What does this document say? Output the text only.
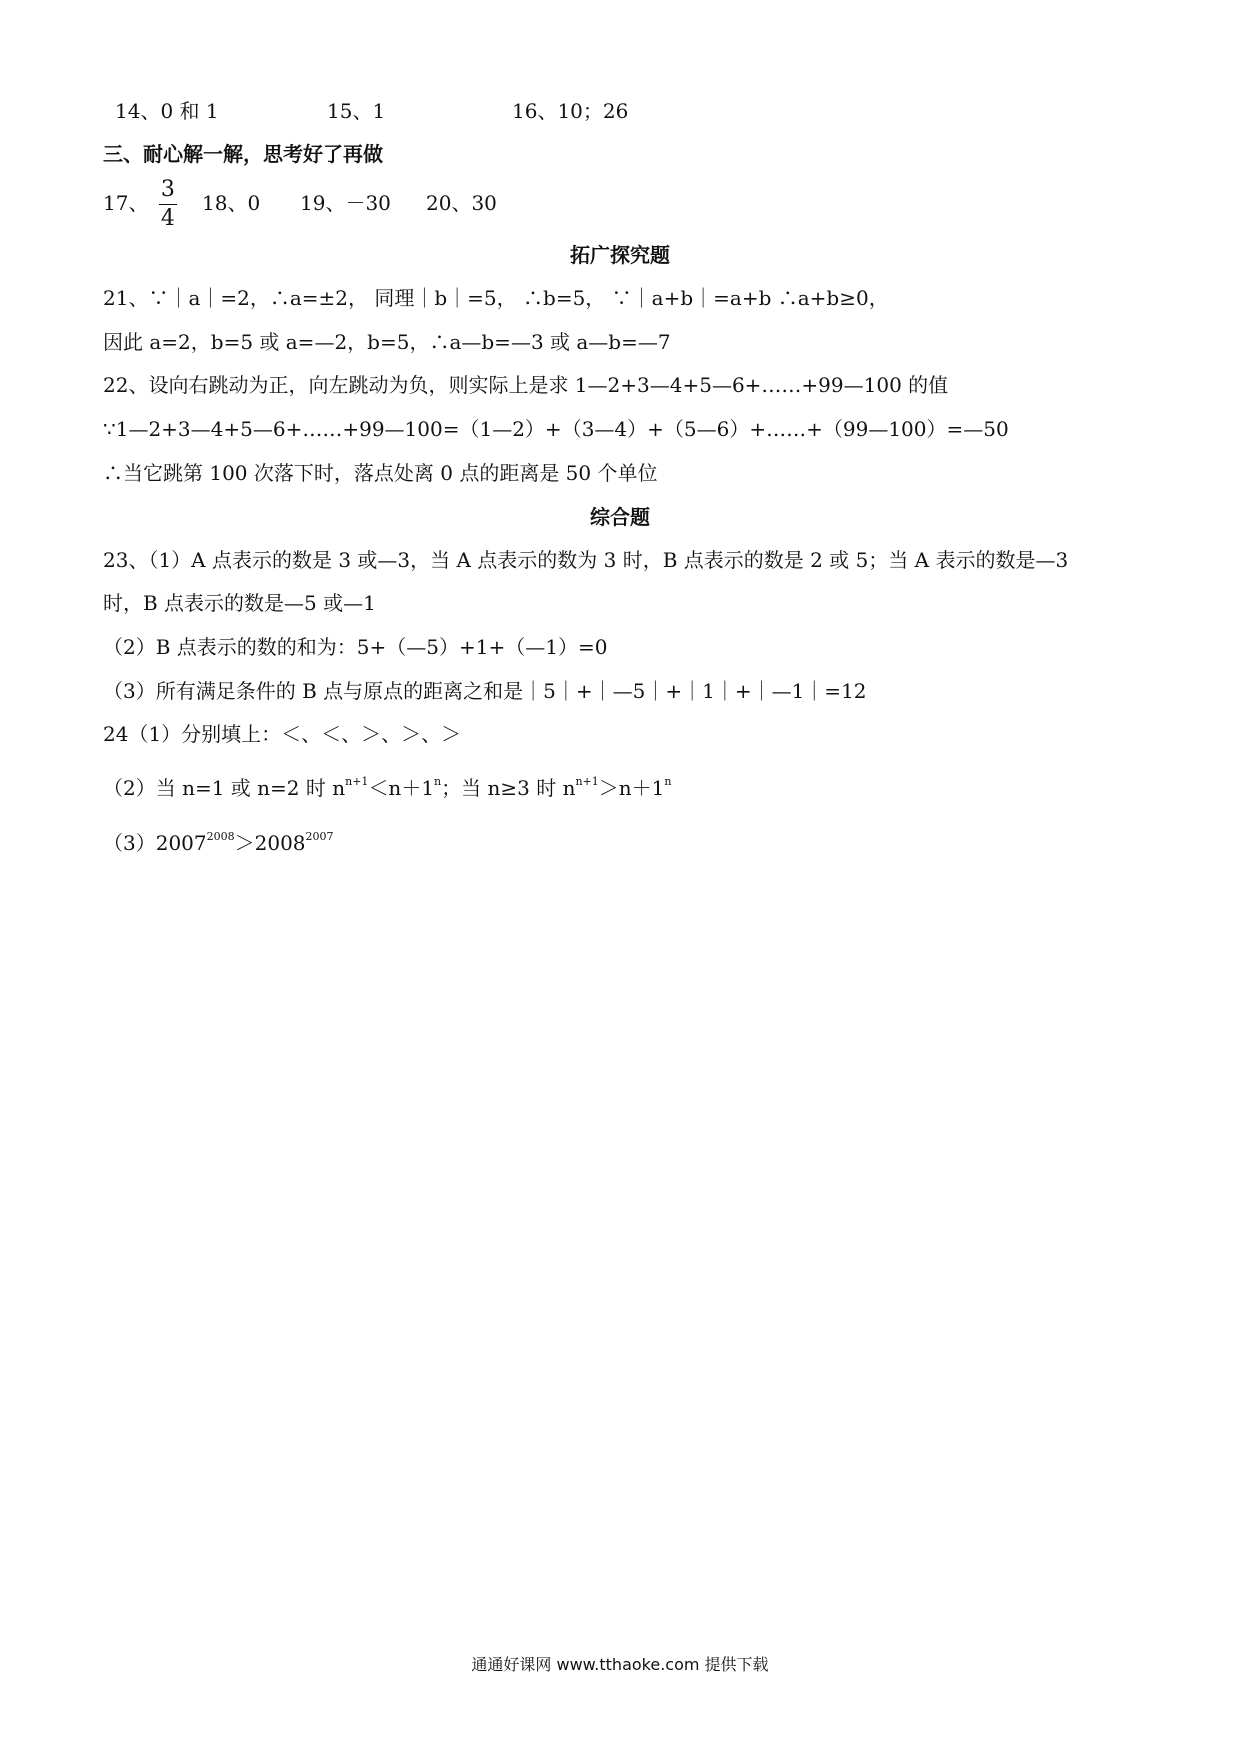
14、0 和 1	15、1	16、10；26
三、耐心解一解，思考好了再做
17、 $\frac{3}{4} 18$、0 19、－30 20、30
拓广探究题
21、∵｜a｜=2，∴a=±2， 同理｜b｜=5， ∴b=5， ∵｜a+b｜=a+b ∴a+b≥0，
因此 a=2，b=5 或 a=—2，b=5，∴a—b=—3 或 a—b=—7
22、设向右跳动为正，向左跳动为负，则实际上是求 1—2+3—4+5—6+……+99—100 的值
∵1—2+3—4+5—6+……+99—100=（1—2）+（3—4）+（5—6）+……+（99—100）=—50
∴当它跳第 100 次落下时，落点处离 0 点的距离是 50 个单位
综合题
23、（1）A 点表示的数是 3 或—3，当 A 点表示的数为 3 时，B 点表示的数是 2 或 5；当 A 表示的数是—3
时，B 点表示的数是—5 或—1
（2）B 点表示的数的和为：5+（—5）+1+（—1）=0
（3）所有满足条件的 B 点与原点的距离之和是｜5｜+｜—5｜+｜1｜+｜—1｜=12
24（1）分别填上：＜、＜、＞、＞、＞
（2）当 n=1 或 n=2 时 $n^{n+1}<n+1^n$；当 n≥3 时 $n^{n+1}>n+1^n$
$(3)2007^{2008}>2008^{2007}$
通通好课网 www.tthaoke.com 提供下载
